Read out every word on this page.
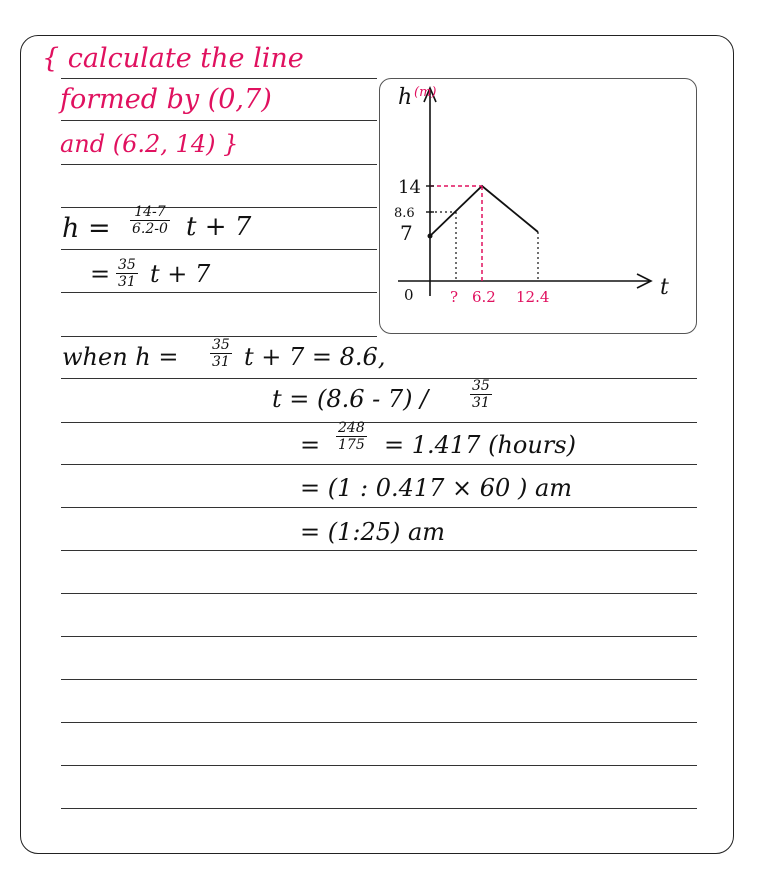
{ calculate the line
formed by (0,7)
and (6.2, 14) }
$h = \frac{14-7}{6.2-0}$ t + 7
= $\frac{35}{31}$ t + 7
when $h = \frac{35}{31}$ t + 7 = 8.6,
t = (8.6 - 7) /	$\frac{35}{31}$
= $\frac{248}{175} = 1.417$ (hours)
= (1 : 0.417 × 60 ) am
= (1:25) am
h (m)
t
14
8.6
7
0 ? 6.2 12.4
